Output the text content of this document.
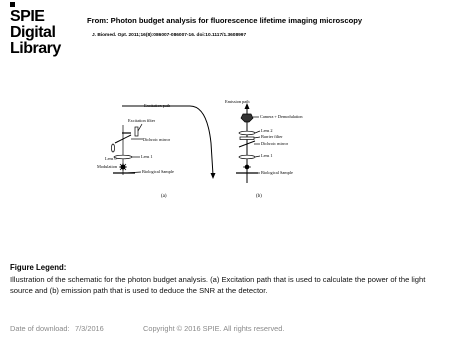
SPIE
Digital
Library
From: Photon budget analysis for fluorescence lifetime imaging microscopy
J. Biomed. Opt. 2011;16(8):086007-086007-16. doi:10.1117/1.3608997
Excitation path
Excitation filter
Dichroic mirror
Lens 0	Lens 1
Modulation
Biological Sample
(a)
Emission path
Camera + Demodulation
Lens 2
Barrier filter
Dichroic mirror
Lens 1
Biological Sample
(b)
Figure Legend:
Illustration of the schematic for the photon budget analysis. (a) Excitation path that is used to calculate the power of the light source and (b) emission path that is used to deduce the SNR at the detector.
Date of download: 7/3/2016	Copyright © 2016 SPIE. All rights reserved.
